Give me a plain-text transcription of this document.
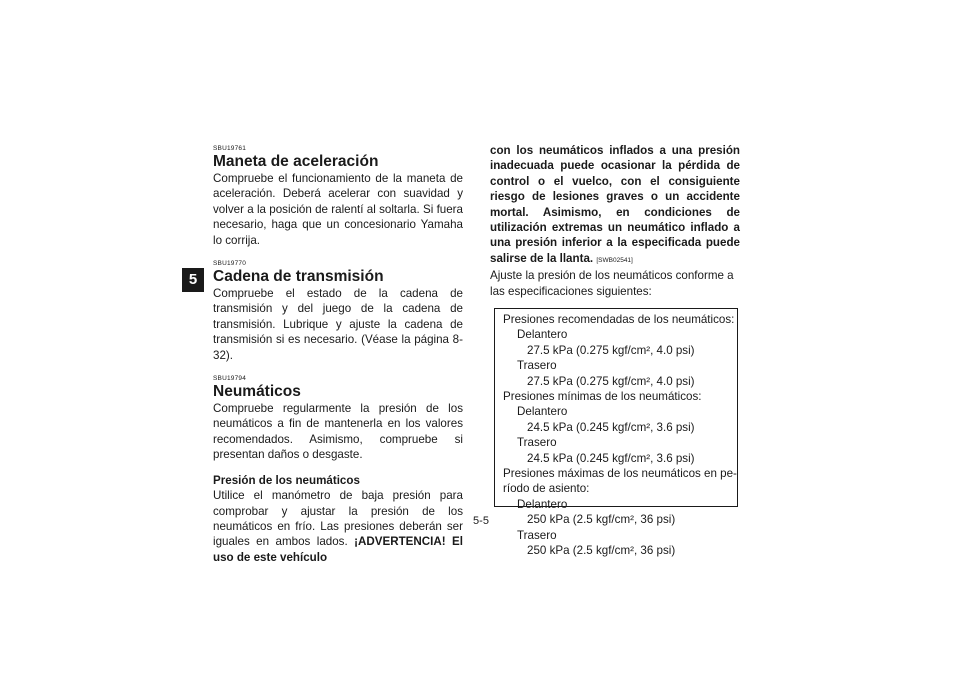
5

SBU19761

Maneta de aceleración

Compruebe el funcionamiento de la maneta de aceleración. Deberá acelerar con suavidad y volver a la posición de ralentí al soltarla. Si fuera necesario, haga que un concesionario Yamaha lo corrija.

SBU19770

Cadena de transmisión

Compruebe el estado de la cadena de transmisión y del juego de la cadena de transmisión. Lubrique y ajuste la cadena de transmisión si es necesario. (Véase la página 8-32).

SBU19794

Neumáticos

Compruebe regularmente la presión de los neumáticos a fin de mantenerla en los valores recomendados. Asimismo, compruebe si presentan daños o desgaste.

Presión de los neumáticos

Utilice el manómetro de baja presión para comprobar y ajustar la presión de los neumáticos en frío. Las presiones deberán ser iguales en ambos lados. ¡ADVERTENCIA! El uso de este vehículo

con los neumáticos inflados a una presión inadecuada puede ocasionar la pérdida de control o el vuelco, con el consiguiente riesgo de lesiones graves o un accidente mortal. Asimismo, en condiciones de utilización extremas un neumático inflado a una presión inferior a la especificada puede salirse de la llanta. [SWB02541]

Ajuste la presión de los neumáticos conforme a las especificaciones siguientes:

Presiones recomendadas de los neumáticos:

Delantero

27.5 kPa (0.275 kgf/cm², 4.0 psi)

Trasero

27.5 kPa (0.275 kgf/cm², 4.0 psi)

Presiones mínimas de los neumáticos:

Delantero

24.5 kPa (0.245 kgf/cm², 3.6 psi)

Trasero

24.5 kPa (0.245 kgf/cm², 3.6 psi)

Presiones máximas de los neumáticos en pe-

ríodo de asiento:

Delantero

250 kPa (2.5 kgf/cm², 36 psi)

Trasero

250 kPa (2.5 kgf/cm², 36 psi)

5-5
